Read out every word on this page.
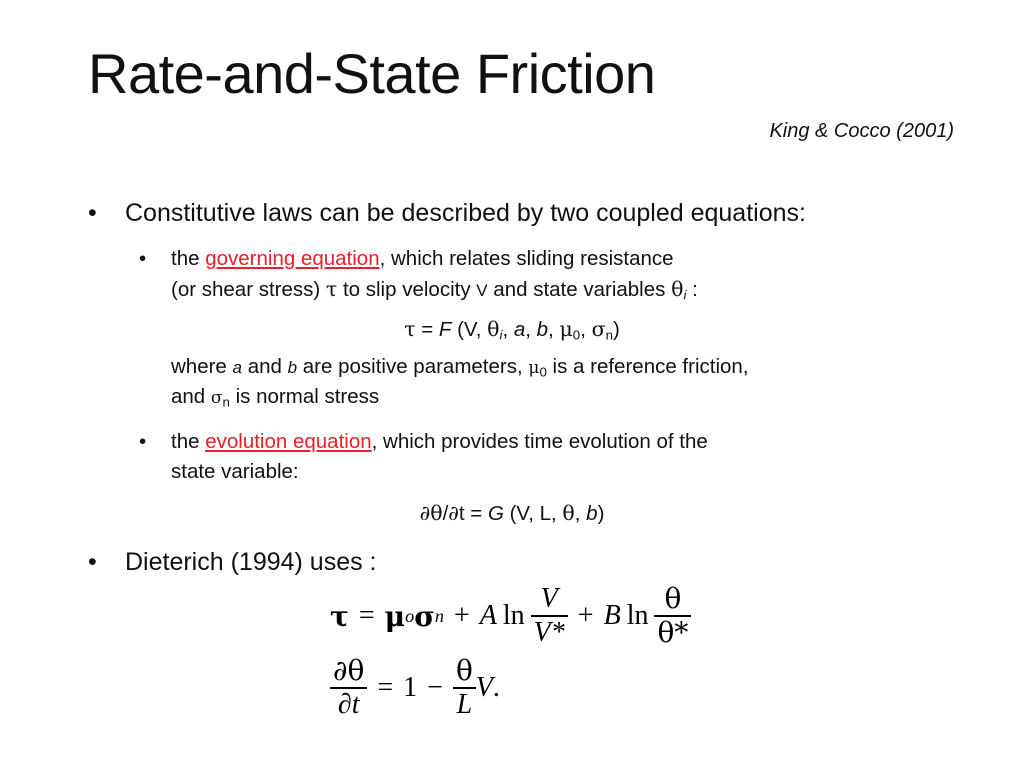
Rate-and-State Friction
King & Cocco (2001)
• Constitutive laws can be described by two coupled equations:
• the governing equation, which relates sliding resistance
(or shear stress) τ to slip velocity V and state variables $\theta_i$ :
τ = F (V, $\theta_i$, a, b, $\mu_0$, $\sigma_n$)
where a and b are positive parameters, $\mu_0$ is a reference friction,
and $\sigma_n$ is normal stress
• the evolution equation, which provides time evolution of the
state variable:
∂θ/∂t = G (V, L, θ, b)
• Dieterich (1994) uses :
τ = μ o σ n + A $\ln \frac{V}{V*} + B$ $\ln \frac{\theta}{\theta*}$
$\frac{\partial\theta}{\partial t} = 1 - \frac{\theta}{L}$ V .
